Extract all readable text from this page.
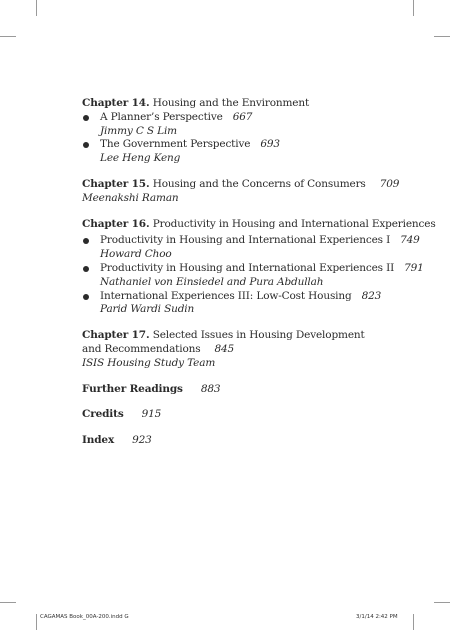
Chapter 14. Housing and the Environment
A Planner’s Perspective 667
Jimmy C S Lim
The Government Perspective 693
Lee Heng Keng
Chapter 15. Housing and the Concerns of Consumers 709
Meenakshi Raman
Chapter 16. Productivity in Housing and International Experiences
Productivity in Housing and International Experiences I 749
Howard Choo
Productivity in Housing and International Experiences II 791
Nathaniel von Einsiedel and Pura Abdullah
International Experiences III: Low-Cost Housing 823
Parid Wardi Sudin
Chapter 17. Selected Issues in Housing Development
and Recommendations 845
ISIS Housing Study Team
Further Readings 883
Credits 915
Index 923
CAGAMAS Book_00A-200.indd G	3/1/14 2:42 PM
